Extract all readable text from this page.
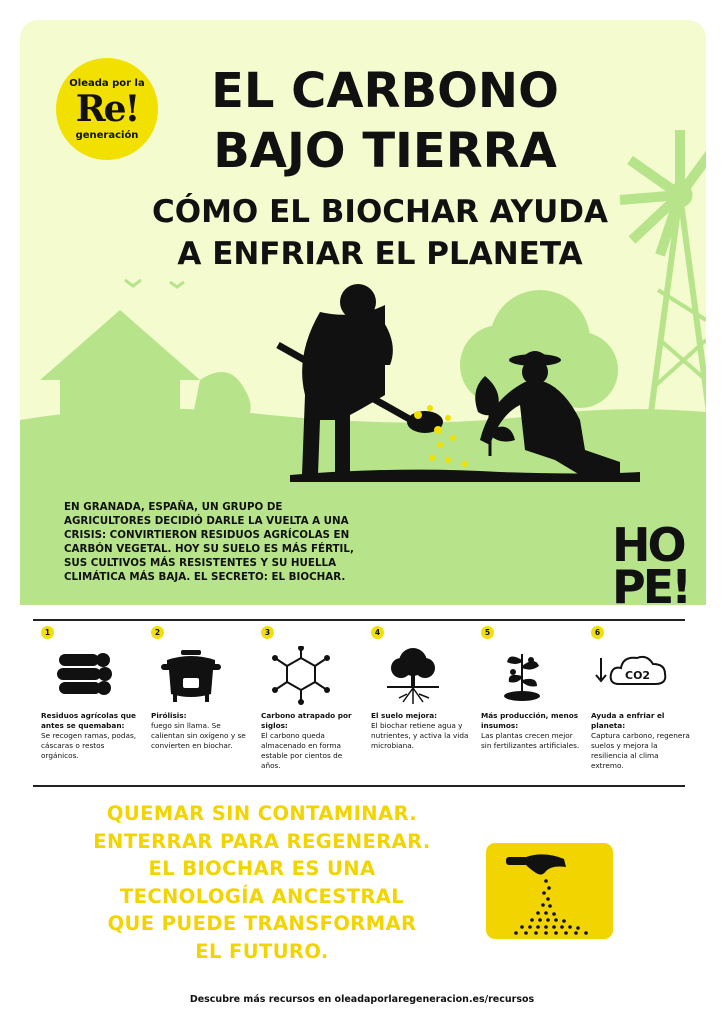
Oleada por la
Re!
generación
EL CARBONO
BAJO TIERRA
CÓMO EL BIOCHAR AYUDA
A ENFRIAR EL PLANETA
EN GRANADA, ESPAÑA, UN GRUPO DE AGRICULTORES DECIDIÓ DARLE LA VUELTA A UNA CRISIS: CONVIRTIERON RESIDUOS AGRÍCOLAS EN CARBÓN VEGETAL. HOY SU SUELO ES MÁS FÉRTIL, SUS CULTIVOS MÁS RESISTENTES Y SU HUELLA CLIMÁTICA MÁS BAJA. EL SECRETO: EL BIOCHAR.
HO
PE!
1
Residuos agrícolas que antes se quemaban:
Se recogen ramas, podas, cáscaras o restos orgánicos.
2
Pirólisis:
fuego sin llama. Se calientan sin oxígeno y se convierten en biochar.
3
Carbono atrapado por siglos:
El carbono queda almacenado en forma estable por cientos de años.
4
El suelo mejora:
El biochar retiene agua y nutrientes, y activa la vida microbiana.
5
Más producción, menos insumos:
Las plantas crecen mejor sin fertilizantes artificiales.
6
CO2
Ayuda a enfriar el planeta:
Captura carbono, regenera suelos y mejora la resiliencia al clima extremo.
QUEMAR SIN CONTAMINAR.
ENTERRAR PARA REGENERAR.
EL BIOCHAR ES UNA
TECNOLOGÍA ANCESTRAL
QUE PUEDE TRANSFORMAR
EL FUTURO.
Descubre más recursos en oleadaporlaregeneracion.es/recursos
